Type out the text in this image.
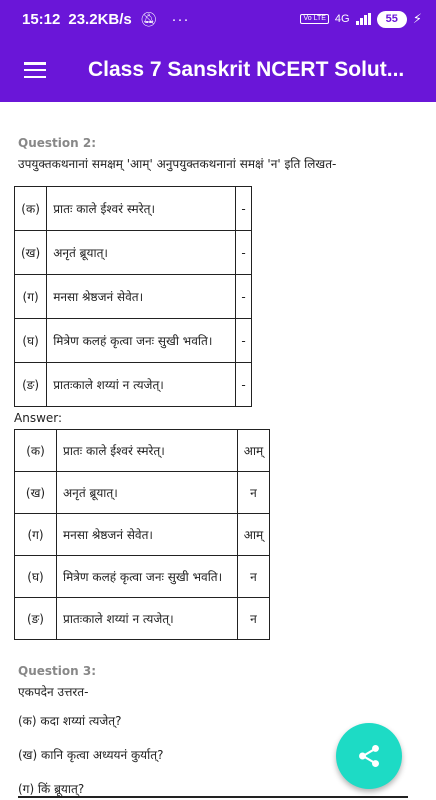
15:12 23.2KB/s 🔕︎ ···	Vo LTE 4G	55	⚡︎
Class 7 Sanskrit NCERT Solut...
Question 2:
उपयुक्तकथनानां समक्षम् 'आम्' अनुपयुक्तकथनानां समक्षं 'न' इति लिखत-
(क)	प्रातः काले ईश्वरं स्मरेत्।	-
(ख)	अनृतं ब्रूयात्।	-
(ग)	मनसा श्रेष्ठजनं सेवेत।	-
(घ)	मित्रेण कलहं कृत्वा जनः सुखी भवति।	-
(ङ)	प्रातःकाले शय्यां न त्यजेत्।	-
Answer:
(क)	प्रातः काले ईश्वरं स्मरेत्।	आम्
(ख)	अनृतं ब्रूयात्।	न
(ग)	मनसा श्रेष्ठजनं सेवेत।	आम्
(घ)	मित्रेण कलहं कृत्वा जनः सुखी भवति।	न
(ङ)	प्रातःकाले शय्यां न त्यजेत्।	न
Question 3:
एकपदेन उत्तरत-
(क) कदा शय्यां त्यजेत्?
(ख) कानि कृत्वा अध्ययनं कुर्यात्?
(ग) किं ब्रूयात्?
